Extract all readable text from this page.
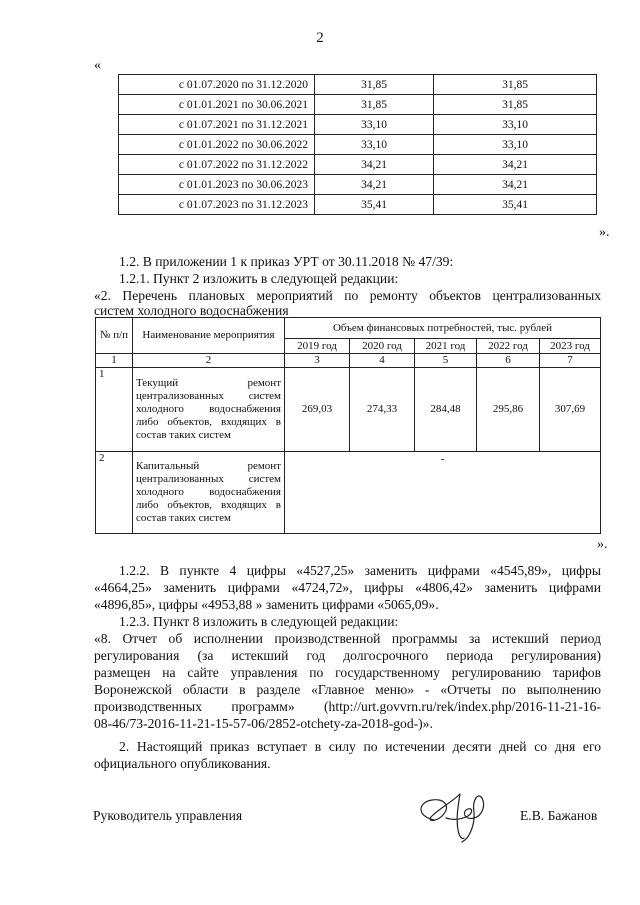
2
«
с 01.07.2020 по 31.12.2020	31,85	31,85
с 01.01.2021 по 30.06.2021	31,85	31,85
с 01.07.2021 по 31.12.2021	33,10	33,10
с 01.01.2022 по 30.06.2022	33,10	33,10
с 01.07.2022 по 31.12.2022	34,21	34,21
с 01.01.2023 по 30.06.2023	34,21	34,21
с 01.07.2023 по 31.12.2023	35,41	35,41
».
1.2. В приложении 1 к приказ УРТ от 30.11.2018 № 47/39:
1.2.1. Пункт 2 изложить в следующей редакции:
«2. Перечень плановых мероприятий по ремонту объектов централизованных
систем холодного водоснабжения
№ п/п	Наименование мероприятия	Объем финансовых потребностей, тыс. рублей				
		2019 год	2020 год	2021 год	2022 год	2023 год
1	2	3	4	5	6	7
1	Текущий ремонт централизованных систем холодного водоснабжения либо объектов, входящих в состав таких систем	269,03	274,33	284,48	295,86	307,69
2	Капитальный ремонт централизованных систем холодного водоснабжения либо объектов, входящих в состав таких систем	-				
».
1.2.2. В пункте 4 цифры «4527,25» заменить цифрами «4545,89», цифры
«4664,25» заменить цифрами «4724,72», цифры «4806,42» заменить цифрами
«4896,85», цифры «4953,88 » заменить цифрами «5065,09».
1.2.3. Пункт 8 изложить в следующей редакции:
«8. Отчет об исполнении производственной программы за истекший период
регулирования (за истекший год долгосрочного периода регулирования)
размещен на сайте управления по государственному регулированию тарифов
Воронежской области в разделе «Главное меню» - «Отчеты по выполнению
производственных программ» (http://urt.govvrn.ru/rek/index.php/2016-11-21-16-
08-46/73-2016-11-21-15-57-06/2852-otchety-za-2018-god-)».
2. Настоящий приказ вступает в силу по истечении десяти дней со дня его
официального опубликования.
Руководитель управления	Е.В. Бажанов
